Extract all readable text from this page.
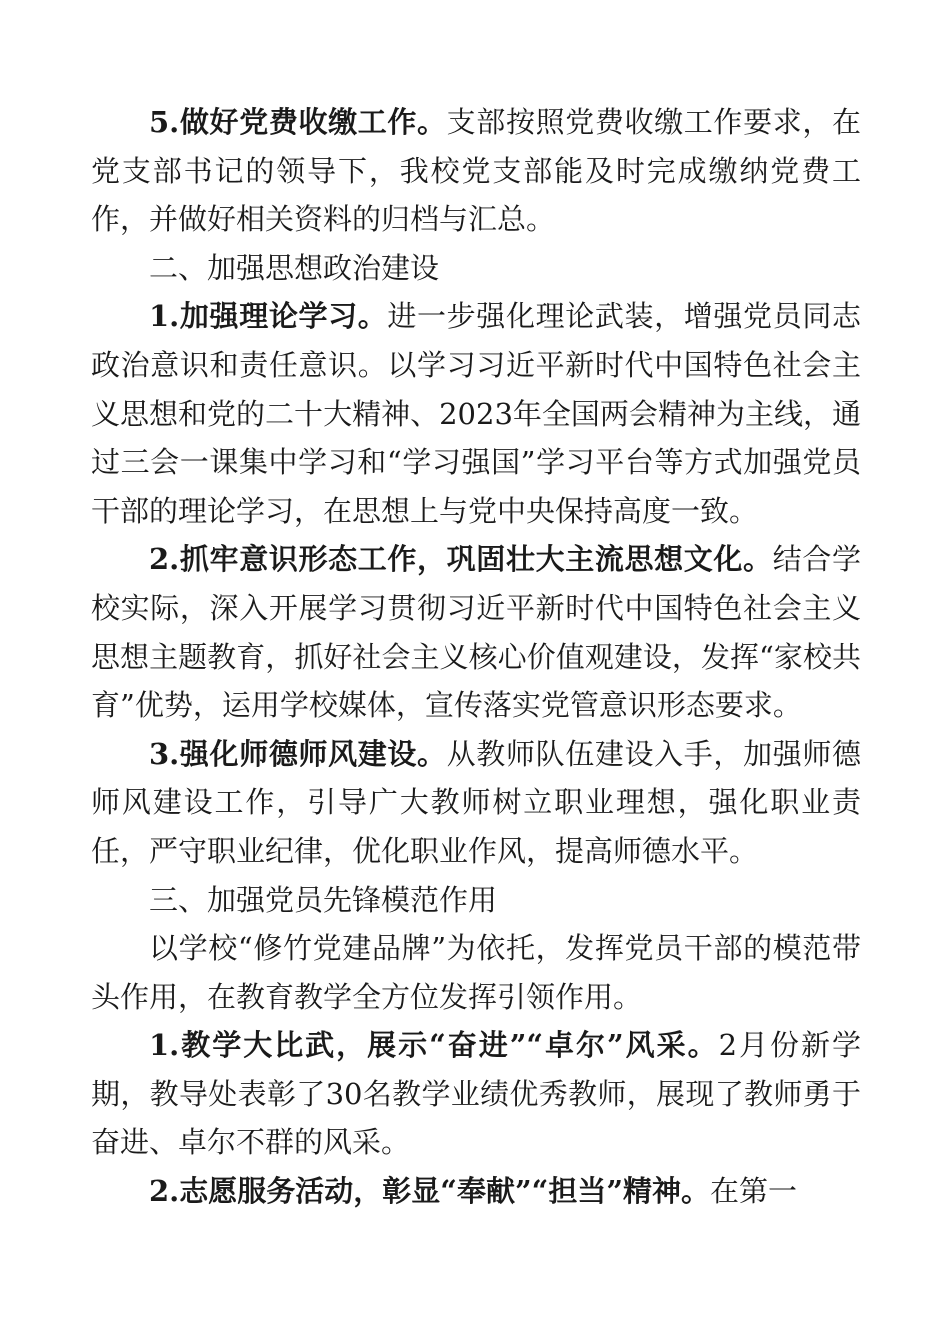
5.做好党费收缴工作。支部按照党费收缴工作要求，在党支部书记的领导下，我校党支部能及时完成缴纳党费工作，并做好相关资料的归档与汇总。

二、加强思想政治建设

1.加强理论学习。进一步强化理论武装，增强党员同志政治意识和责任意识。以学习习近平新时代中国特色社会主义思想和党的二十大精神、2023年全国两会精神为主线，通过三会一课集中学习和“学习强国”学习平台等方式加强党员干部的理论学习，在思想上与党中央保持高度一致。

2.抓牢意识形态工作，巩固壮大主流思想文化。结合学校实际，深入开展学习贯彻习近平新时代中国特色社会主义思想主题教育，抓好社会主义核心价值观建设，发挥“家校共育”优势，运用学校媒体，宣传落实党管意识形态要求。

3.强化师德师风建设。从教师队伍建设入手，加强师德师风建设工作，引导广大教师树立职业理想，强化职业责任，严守职业纪律，优化职业作风，提高师德水平。

三、加强党员先锋模范作用

以学校“修竹党建品牌”为依托，发挥党员干部的模范带头作用，在教育教学全方位发挥引领作用。

1.教学大比武，展示“奋进”“卓尔”风采。2月份新学期，教导处表彰了30名教学业绩优秀教师，展现了教师勇于奋进、卓尔不群的风采。

2.志愿服务活动，彰显“奉献”“担当”精神。在第一
